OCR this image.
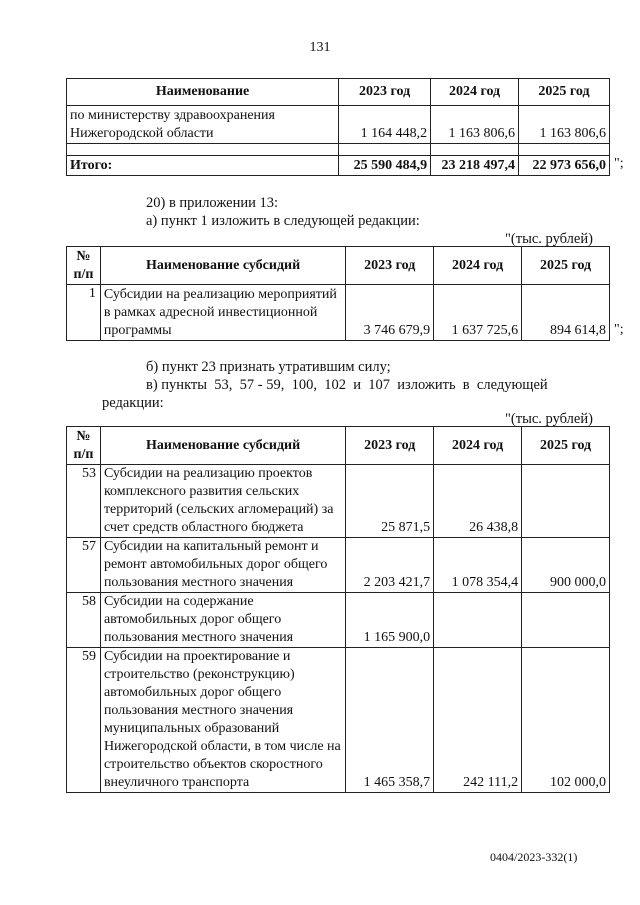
131
Наименование	2023 год	2024 год	2025 год

по министерству здравоохранения
Нижегородской области	1 164 448,2	1 163 806,6	1 163 806,6

Итого:	25 590 484,9	23 218 497,4	22 973 656,0 ";
20) в приложении 13:
а) пункт 1 изложить в следующей редакции:
"(тыс. рублей)
№ п/п	Наименование субсидий	2023 год	2024 год	2025 год
1	Субсидии на реализацию мероприятий в рамках адресной инвестиционной программы	3 746 679,9	1 637 725,6	894 614,8 ";
б) пункт 23 признать утратившим силу;
в) пункты  53,  57 - 59,  100,  102  и  107  изложить  в  следующей
редакции:
"(тыс. рублей)
№ п/п	Наименование субсидий	2023 год	2024 год	2025 год
53	Субсидии на реализацию проектов комплексного развития сельских территорий (сельских агломераций) за счет средств областного бюджета	25 871,5	26 438,8	
57	Субсидии на капитальный ремонт и ремонт автомобильных дорог общего пользования местного значения	2 203 421,7	1 078 354,4	900 000,0
58	Субсидии на содержание автомобильных дорог общего пользования местного значения	1 165 900,0		
59	Субсидии на проектирование и строительство (реконструкцию) автомобильных дорог общего пользования местного значения муниципальных образований Нижегородской области, в том числе на строительство объектов скоростного внеуличного транспорта	1 465 358,7	242 111,2	102 000,0
0404/2023-332(1)
